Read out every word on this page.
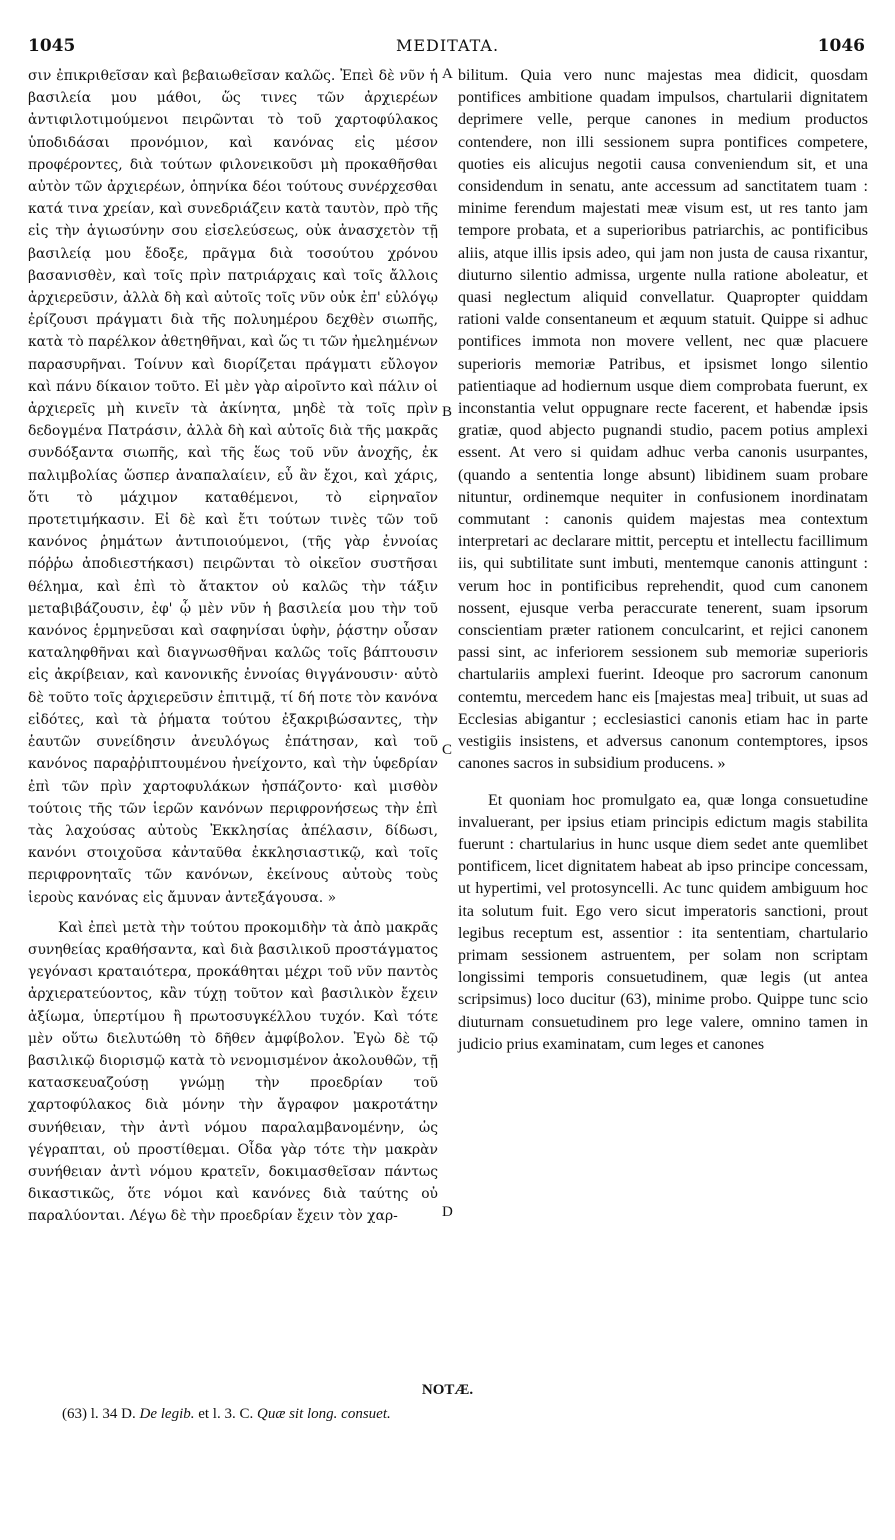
1045	MEDITATA.	1046

σιν ἐπικριθεῖσαν καὶ βεβαιωθεῖσαν καλῶς. Ἐπεὶ δὲ νῦν ἡ βασιλεία μου μάθοι, ὥς τινες τῶν ἀρχιερέων ἀντιφιλοτιμούμενοι πειρῶνται τὸ τοῦ χαρτοφύλακος ὑποδιδάσαι προνόμιον, καὶ κανόνας εἰς μέσον προφέροντες, διὰ τούτων φιλονεικοῦσι μὴ προκαθῆσθαι αὐτὸν τῶν ἀρχιερέων, ὁπηνίκα δέοι τούτους συνέρχεσθαι κατά τινα χρείαν, καὶ συνεδριάζειν κατὰ ταυτὸν, πρὸ τῆς εἰς τὴν ἁγιωσύνην σου εἰσελεύσεως, οὐκ ἀνασχετὸν τῇ βασιλείᾳ μου ἔδοξε, πρᾶγμα διὰ τοσούτου χρόνου βασανισθὲν, καὶ τοῖς πρὶν πατριάρχαις καὶ τοῖς ἄλλοις ἀρχιερεῦσιν, ἀλλὰ δὴ καὶ αὐτοῖς τοῖς νῦν οὐκ ἐπ' εὐλόγῳ ἐρίζουσι πράγματι διὰ τῆς πολυημέρου δεχθὲν σιωπῆς, κατὰ τὸ παρέλκον ἀθετηθῆναι, καὶ ὥς τι τῶν ἠμελημένων παρασυρῆναι. Τοίνυν καὶ διορίζεται πράγματι εὔλογον καὶ πάνυ δίκαιον τοῦτο. Εἰ μὲν γὰρ αἱροῖντο καὶ πάλιν οἱ ἀρχιερεῖς μὴ κινεῖν τὰ ἀκίνητα, μηδὲ τὰ τοῖς πρὶν δεδογμένα Πατράσιν, ἀλλὰ δὴ καὶ αὐτοῖς διὰ τῆς μακρᾶς συνδόξαντα σιωπῆς, καὶ τῆς ἕως τοῦ νῦν ἀνοχῆς, ἐκ παλιμβολίας ὥσπερ ἀναπαλαίειν, εὖ ἂν ἔχοι, καὶ χάρις, ὅτι τὸ μάχιμον καταθέμενοι, τὸ εἰρηναῖον προτετιμήκασιν. Εἰ δὲ καὶ ἔτι τούτων τινὲς τῶν τοῦ κανόνος ῥημάτων ἀντιποιούμενοι, (τῆς γὰρ ἐννοίας πόῤῥω ἀποδιεστήκασι) πειρῶνται τὸ οἰκεῖον συστῆσαι θέλημα, καὶ ἐπὶ τὸ ἄτακτον οὐ καλῶς τὴν τάξιν μεταβιβάζουσιν, ἐφ' ᾧ μὲν νῦν ἡ βασιλεία μου τὴν τοῦ κανόνος ἑρμηνεῦσαι καὶ σαφηνίσαι ὑφὴν, ῥᾴστην οὖσαν καταληφθῆναι καὶ διαγνωσθῆναι καλῶς τοῖς βάπτουσιν εἰς ἀκρίβειαν, καὶ κανονικῆς ἐννοίας θιγγάνουσιν· αὐτὸ δὲ τοῦτο τοῖς ἀρχιερεῦσιν ἐπιτιμᾷ, τί δή ποτε τὸν κανόνα εἰδότες, καὶ τὰ ῥήματα τούτου ἐξακριβώσαντες, τὴν ἑαυτῶν συνείδησιν ἀνευλόγως ἐπάτησαν, καὶ τοῦ κανόνος παραῤῥιπτουμένου ἠνείχοντο, καὶ τὴν ὑφεδρίαν ἐπὶ τῶν πρὶν χαρτοφυλάκων ἠσπάζοντο· καὶ μισθὸν τούτοις τῆς τῶν ἱερῶν κανόνων περιφρονήσεως τὴν ἐπὶ τὰς λαχούσας αὐτοὺς Ἐκκλησίας ἀπέλασιν, δίδωσι, κανόνι στοιχοῦσα κἀνταῦθα ἐκκλησιαστικῷ, καὶ τοῖς περιφρονηταῖς τῶν κανόνων, ἐκείνους αὐτοὺς τοὺς ἱεροὺς κανόνας εἰς ἄμυναν ἀντεξάγουσα. »

Καὶ ἐπεὶ μετὰ τὴν τούτου προκομιδὴν τὰ ἀπὸ μακρᾶς συνηθείας κραθήσαντα, καὶ διὰ βασιλικοῦ προστάγματος γεγόνασι κραταιότερα, προκάθηται μέχρι τοῦ νῦν παντὸς ἀρχιερατεύοντος, κἂν τύχῃ τοῦτον καὶ βασιλικὸν ἔχειν ἀξίωμα, ὑπερτίμου ἢ πρωτοσυγκέλλου τυχόν. Καὶ τότε μὲν οὕτω διελυτώθη τὸ δῆθεν ἀμφίβολον. Ἐγὼ δὲ τῷ βασιλικῷ διορισμῷ κατὰ τὸ νενομισμένον ἀκολουθῶν, τῇ κατασκευαζούσῃ γνώμῃ τὴν προεδρίαν τοῦ χαρτοφύλακος διὰ μόνην τὴν ἄγραφον μακροτάτην συνήθειαν, τὴν ἀντὶ νόμου παραλαμβανομένην, ὡς γέγραπται, οὐ προστίθεμαι. Οἶδα γὰρ τότε τὴν μακρὰν συνήθειαν ἀντὶ νόμου κρατεῖν, δοκιμασθεῖσαν πάντως δικαστικῶς, ὅτε νόμοι καὶ κανόνες διὰ ταύτης οὐ παραλύονται. Λέγω δὲ τὴν προεδρίαν ἔχειν τὸν χαρ-

A
B
C
D

bilitum. Quia vero nunc majestas mea didicit, quosdam pontifices ambitione quadam impulsos, chartularii dignitatem deprimere velle, perque canones in medium productos contendere, non illi sessionem supra pontifices competere, quoties eis alicujus negotii causa conveniendum sit, et una considendum in senatu, ante accessum ad sanctitatem tuam : minime ferendum majestati meæ visum est, ut res tanto jam tempore probata, et a superioribus patriarchis, ac pontificibus aliis, atque illis ipsis adeo, qui jam non justa de causa rixantur, diuturno silentio admissa, urgente nulla ratione aboleatur, et quasi neglectum aliquid convellatur. Quapropter quiddam rationi valde consentaneum et æquum statuit. Quippe si adhuc pontifices immota non movere vellent, nec quæ placuere superioris memoriæ Patribus, et ipsismet longo silentio patientiaque ad hodiernum usque diem comprobata fuerunt, ex inconstantia velut oppugnare recte facerent, et habendæ ipsis gratiæ, quod abjecto pugnandi studio, pacem potius amplexi essent. At vero si quidam adhuc verba canonis usurpantes, (quando a sententia longe absunt) libidinem suam probare nituntur, ordinemque nequiter in confusionem inordinatam commutant : canonis quidem majestas mea contextum interpretari ac declarare mittit, perceptu et intellectu facillimum iis, qui subtilitate sunt imbuti, mentemque canonis attingunt : verum hoc in pontificibus reprehendit, quod cum canonem nossent, ejusque verba peraccurate tenerent, suam ipsorum conscientiam præter rationem conculcarint, et rejici canonem passi sint, ac inferiorem sessionem sub memoriæ superioris chartulariis amplexi fuerint. Ideoque pro sacrorum canonum contemtu, mercedem hanc eis [majestas mea] tribuit, ut suas ad Ecclesias abigantur ; ecclesiastici canonis etiam hac in parte vestigiis insistens, et adversus canonum contemptores, ipsos canones sacros in subsidium producens. »

Et quoniam hoc promulgato ea, quæ longa consuetudine invaluerant, per ipsius etiam principis edictum magis stabilita fuerunt : chartularius in hunc usque diem sedet ante quemlibet pontificem, licet dignitatem habeat ab ipso principe concessam, ut hypertimi, vel protosyncelli. Ac tunc quidem ambiguum hoc ita solutum fuit. Ego vero sicut imperatoris sanctioni, prout legibus receptum est, assentior : ita sententiam, chartulario primam sessionem astruentem, per solam non scriptam longissimi temporis consuetudinem, quæ legis (ut antea scripsimus) loco ducitur (63), minime probo. Quippe tunc scio diuturnam consuetudinem pro lege valere, omnino tamen in judicio prius examinatam, cum leges et canones

NOTÆ.
(63) l. 34 D. De legib. et l. 3. C. Quæ sit long. consuet.
